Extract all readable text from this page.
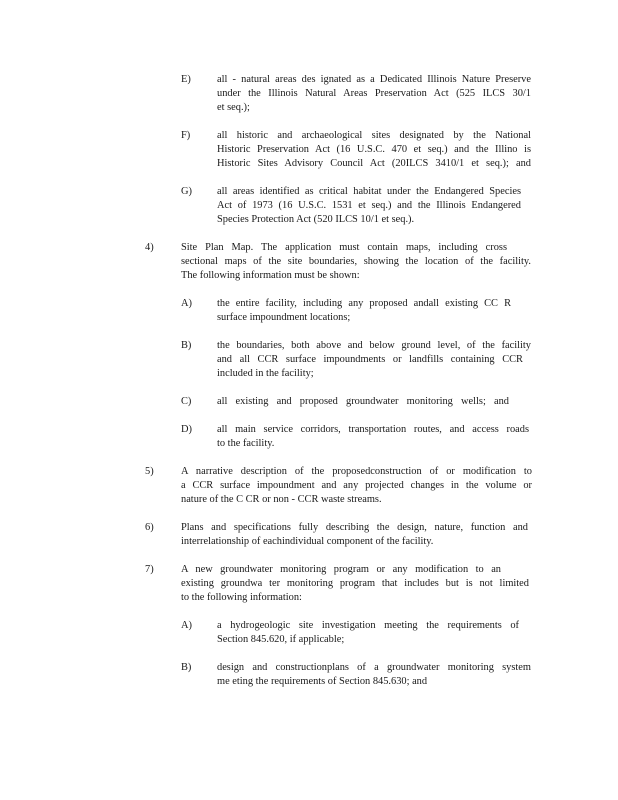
E)	all - natural areas des ignated as a Dedicated Illinois Nature Preserve
under the Illinois Natural Areas Preservation Act (525 ILCS 30/1
et seq.);
F)	all historic and archaeological sites designated by the National
Historic Preservation Act (16 U.S.C. 470 et seq.) and the Illino is
Historic Sites Advisory Council Act (20ILCS 3410/1 et seq.); and
G) all areas identified as critical habitat under the Endangered Species
Act of 1973 (16 U.S.C. 1531 et seq.) and the Illinois Endangered
Species Protection Act (520 ILCS 10/1 et seq.).
4)	Site Plan Map. The application must contain maps, including cross
sectional maps of the site boundaries, showing the location of the facility.
The following information must be shown:
A) the entire facility, including any proposed andall existing CC R
surface impoundment locations;
B) the boundaries, both above and below ground level, of the facility
and all CCR surface impoundments or landfills containing CCR
included in the facility;
C) all existing and proposed groundwater monitoring wells; and
D) all main service corridors, transportation routes, and access roads
to the facility.
5)	A narrative description of the proposedconstruction of or modification to
a CCR surface impoundment and any projected changes in the volume or
nature of the C CR or non - CCR waste streams.
6)	Plans and specifications fully describing the design, nature, function and
interrelationship of eachindividual component of the facility.
7)	A new groundwater monitoring program or any modification to an
existing groundwa ter monitoring program that includes but is not limited
to the following information:
A) a hydrogeologic site investigation meeting the requirements of
Section 845.620, if applicable;
B) design and constructionplans of a groundwater monitoring system
me eting the requirements of Section 845.630; and
